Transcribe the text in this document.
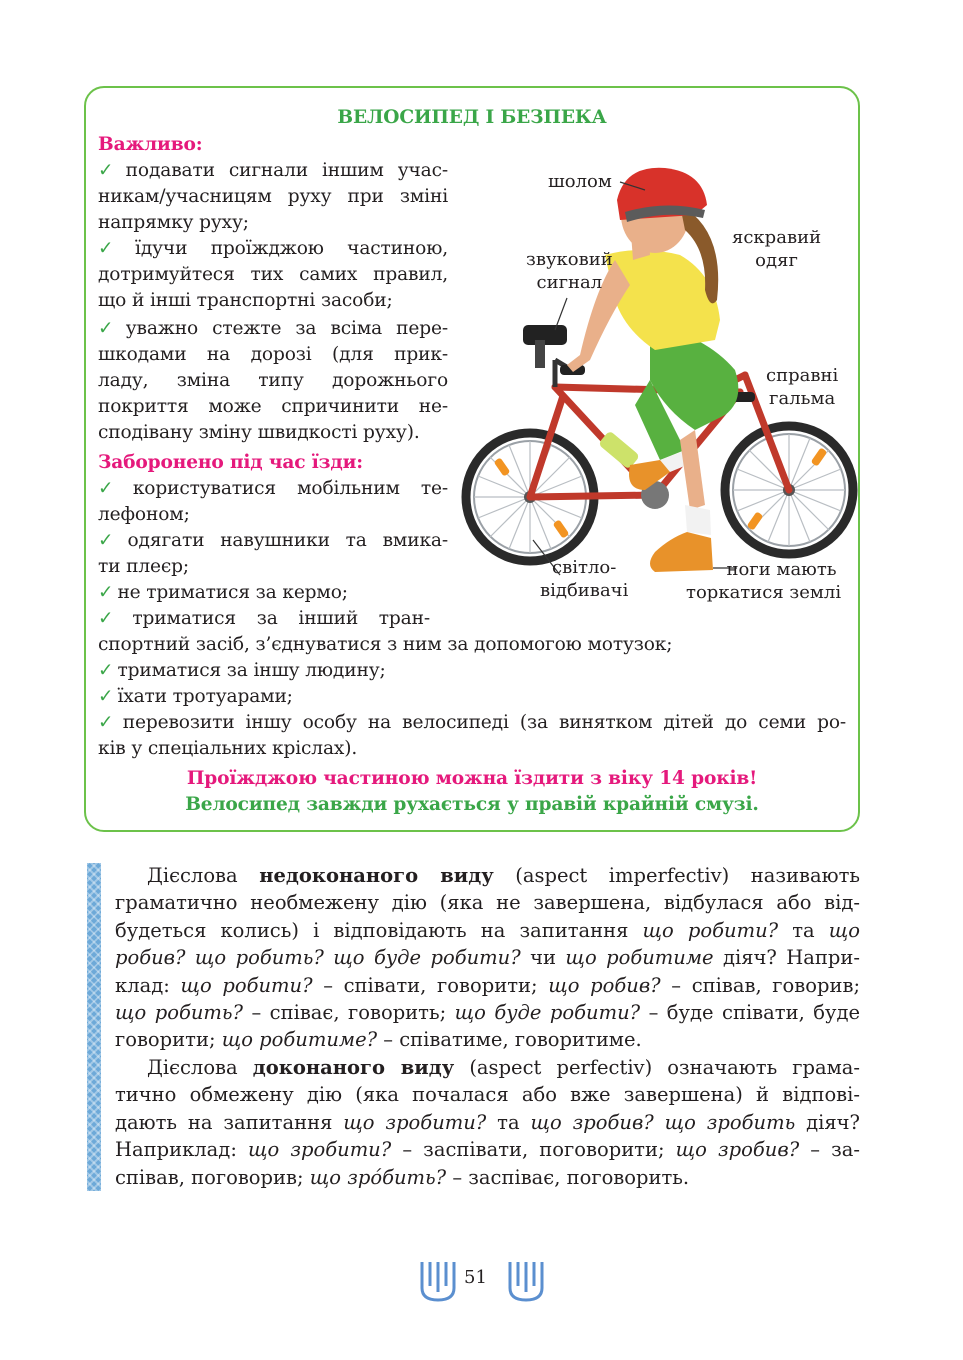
ВЕЛОСИПЕД І БЕЗПЕКА
Важливо:
✓ подавати сигнали іншим учас-
никам/учасницям руху при зміні
напрямку руху;
✓ їдучи проїжджою частиною,
дотримуйтеся тих самих правил,
що й інші транспортні засоби;
✓ уважно стежте за всіма пере-
шкодами на дорозі (для прик-
ладу, зміна типу дорожнього
покриття може спричинити не-
сподівану зміну швидкості руху).
Заборонено під час їзди:
✓ користуватися мобільним те-
лефоном;
✓ одягати навушники та вмика-
ти плеєр;
✓ не триматися за кермо;
✓ триматися за інший тран-
спортний засіб, з’єднуватися з ним за допомогою мотузок;
✓ триматися за іншу людину;
✓ їхати тротуарами;
✓ перевозити іншу особу на велосипеді (за винятком дітей до семи ро-
ків у спеціальних кріслах).
Проїжджою частиною можна їздити з віку 14 років!
Велосипед завжди рухається у правій крайній смузі.
шолом
яскравий
одяг
звуковий
сигнал
справні
гальма
світло-
відбивачі
ноги мають
торкатися землі
Дієслова недоконаного виду (aspect imperfectiv) називають
граматично необмежену дію (яка не завершена, відбулася або від-
будеться колись) і відповідають на запитання що робити? та що
робив? що робить? що буде робити? чи що робитиме діяч? Напри-
клад: що робити? – співати, говорити; що робив? – співав, говорив;
що робить? – співає, говорить; що буде робити? – буде співати, буде
говорити; що робитиме? – співатиме, говоритиме.
Дієслова доконаного виду (aspect perfectiv) означають грама-
тично обмежену дію (яка почалася або вже завершена) й відпові-
дають на запитання що зробити? та що зробив? що зробить діяч?
Наприклад: що зробити? – заспівати, поговорити; що зробив? – за-
співав, поговорив; що зрóбить? – заспіває, поговорить.
51
